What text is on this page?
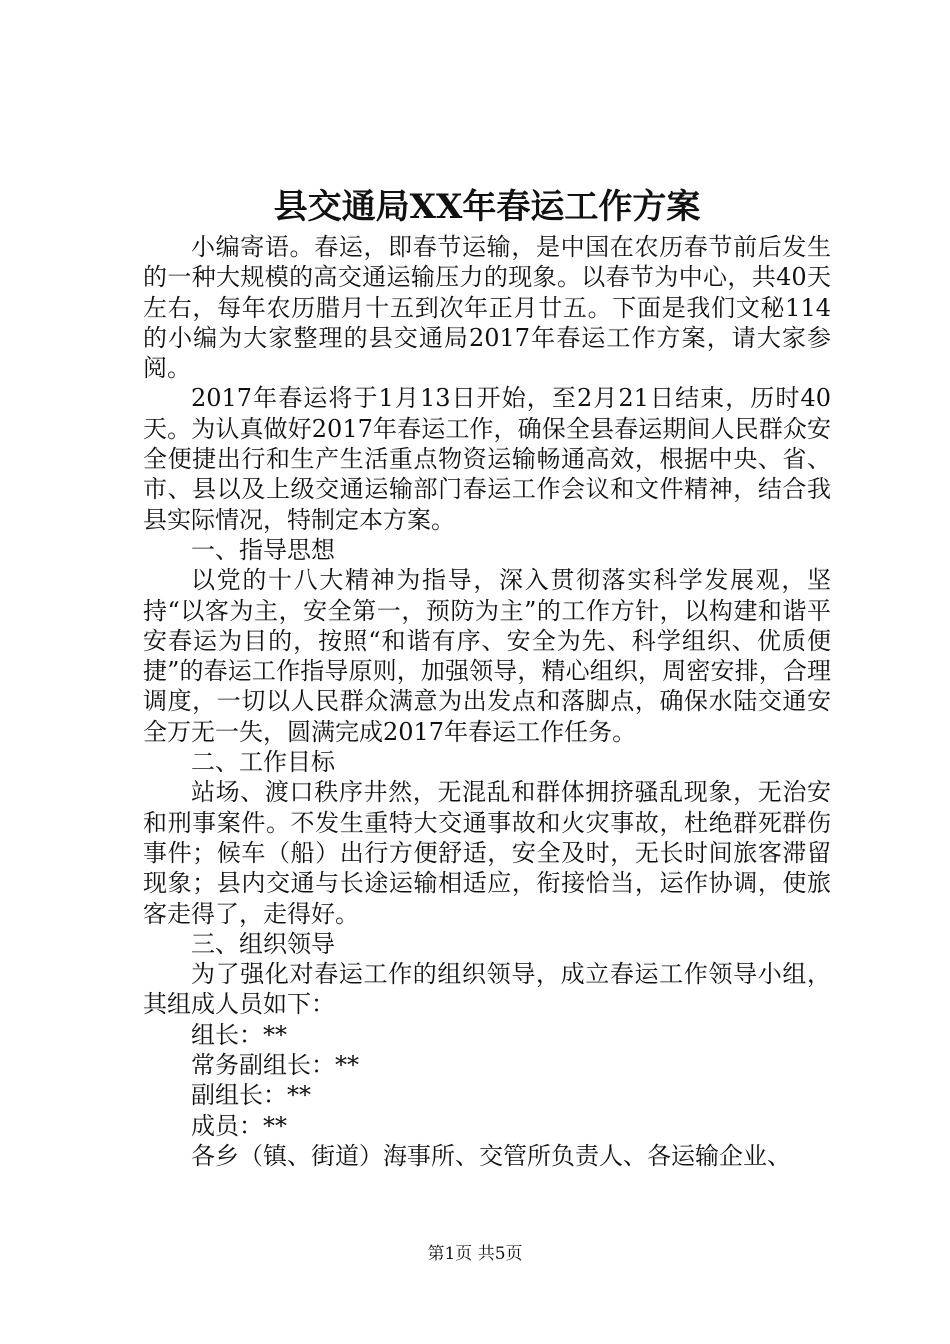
县交通局XX年春运工作方案

小编寄语。春运，即春节运输，是中国在农历春节前后发生的一种大规模的高交通运输压力的现象。以春节为中心，共40天左右，每年农历腊月十五到次年正月廿五。下面是我们文秘114的小编为大家整理的县交通局2017年春运工作方案，请大家参阅。

2017年春运将于1月13日开始，至2月21日结束，历时40天。为认真做好2017年春运工作，确保全县春运期间人民群众安全便捷出行和生产生活重点物资运输畅通高效，根据中央、省、市、县以及上级交通运输部门春运工作会议和文件精神，结合我县实际情况，特制定本方案。

一、指导思想

以党的十八大精神为指导，深入贯彻落实科学发展观，坚持“以客为主，安全第一，预防为主”的工作方针，以构建和谐平安春运为目的，按照“和谐有序、安全为先、科学组织、优质便捷”的春运工作指导原则，加强领导，精心组织，周密安排，合理调度，一切以人民群众满意为出发点和落脚点，确保水陆交通安全万无一失，圆满完成2017年春运工作任务。

二、工作目标

站场、渡口秩序井然，无混乱和群体拥挤骚乱现象，无治安和刑事案件。不发生重特大交通事故和火灾事故，杜绝群死群伤事件；候车（船）出行方便舒适，安全及时，无长时间旅客滞留现象；县内交通与长途运输相适应，衔接恰当，运作协调，使旅客走得了，走得好。

三、组织领导

为了强化对春运工作的组织领导，成立春运工作领导小组，其组成人员如下：

组长：**

常务副组长：**

副组长：**

成员：**

各乡（镇、街道）海事所、交管所负责人、各运输企业、

第1页 共5页
